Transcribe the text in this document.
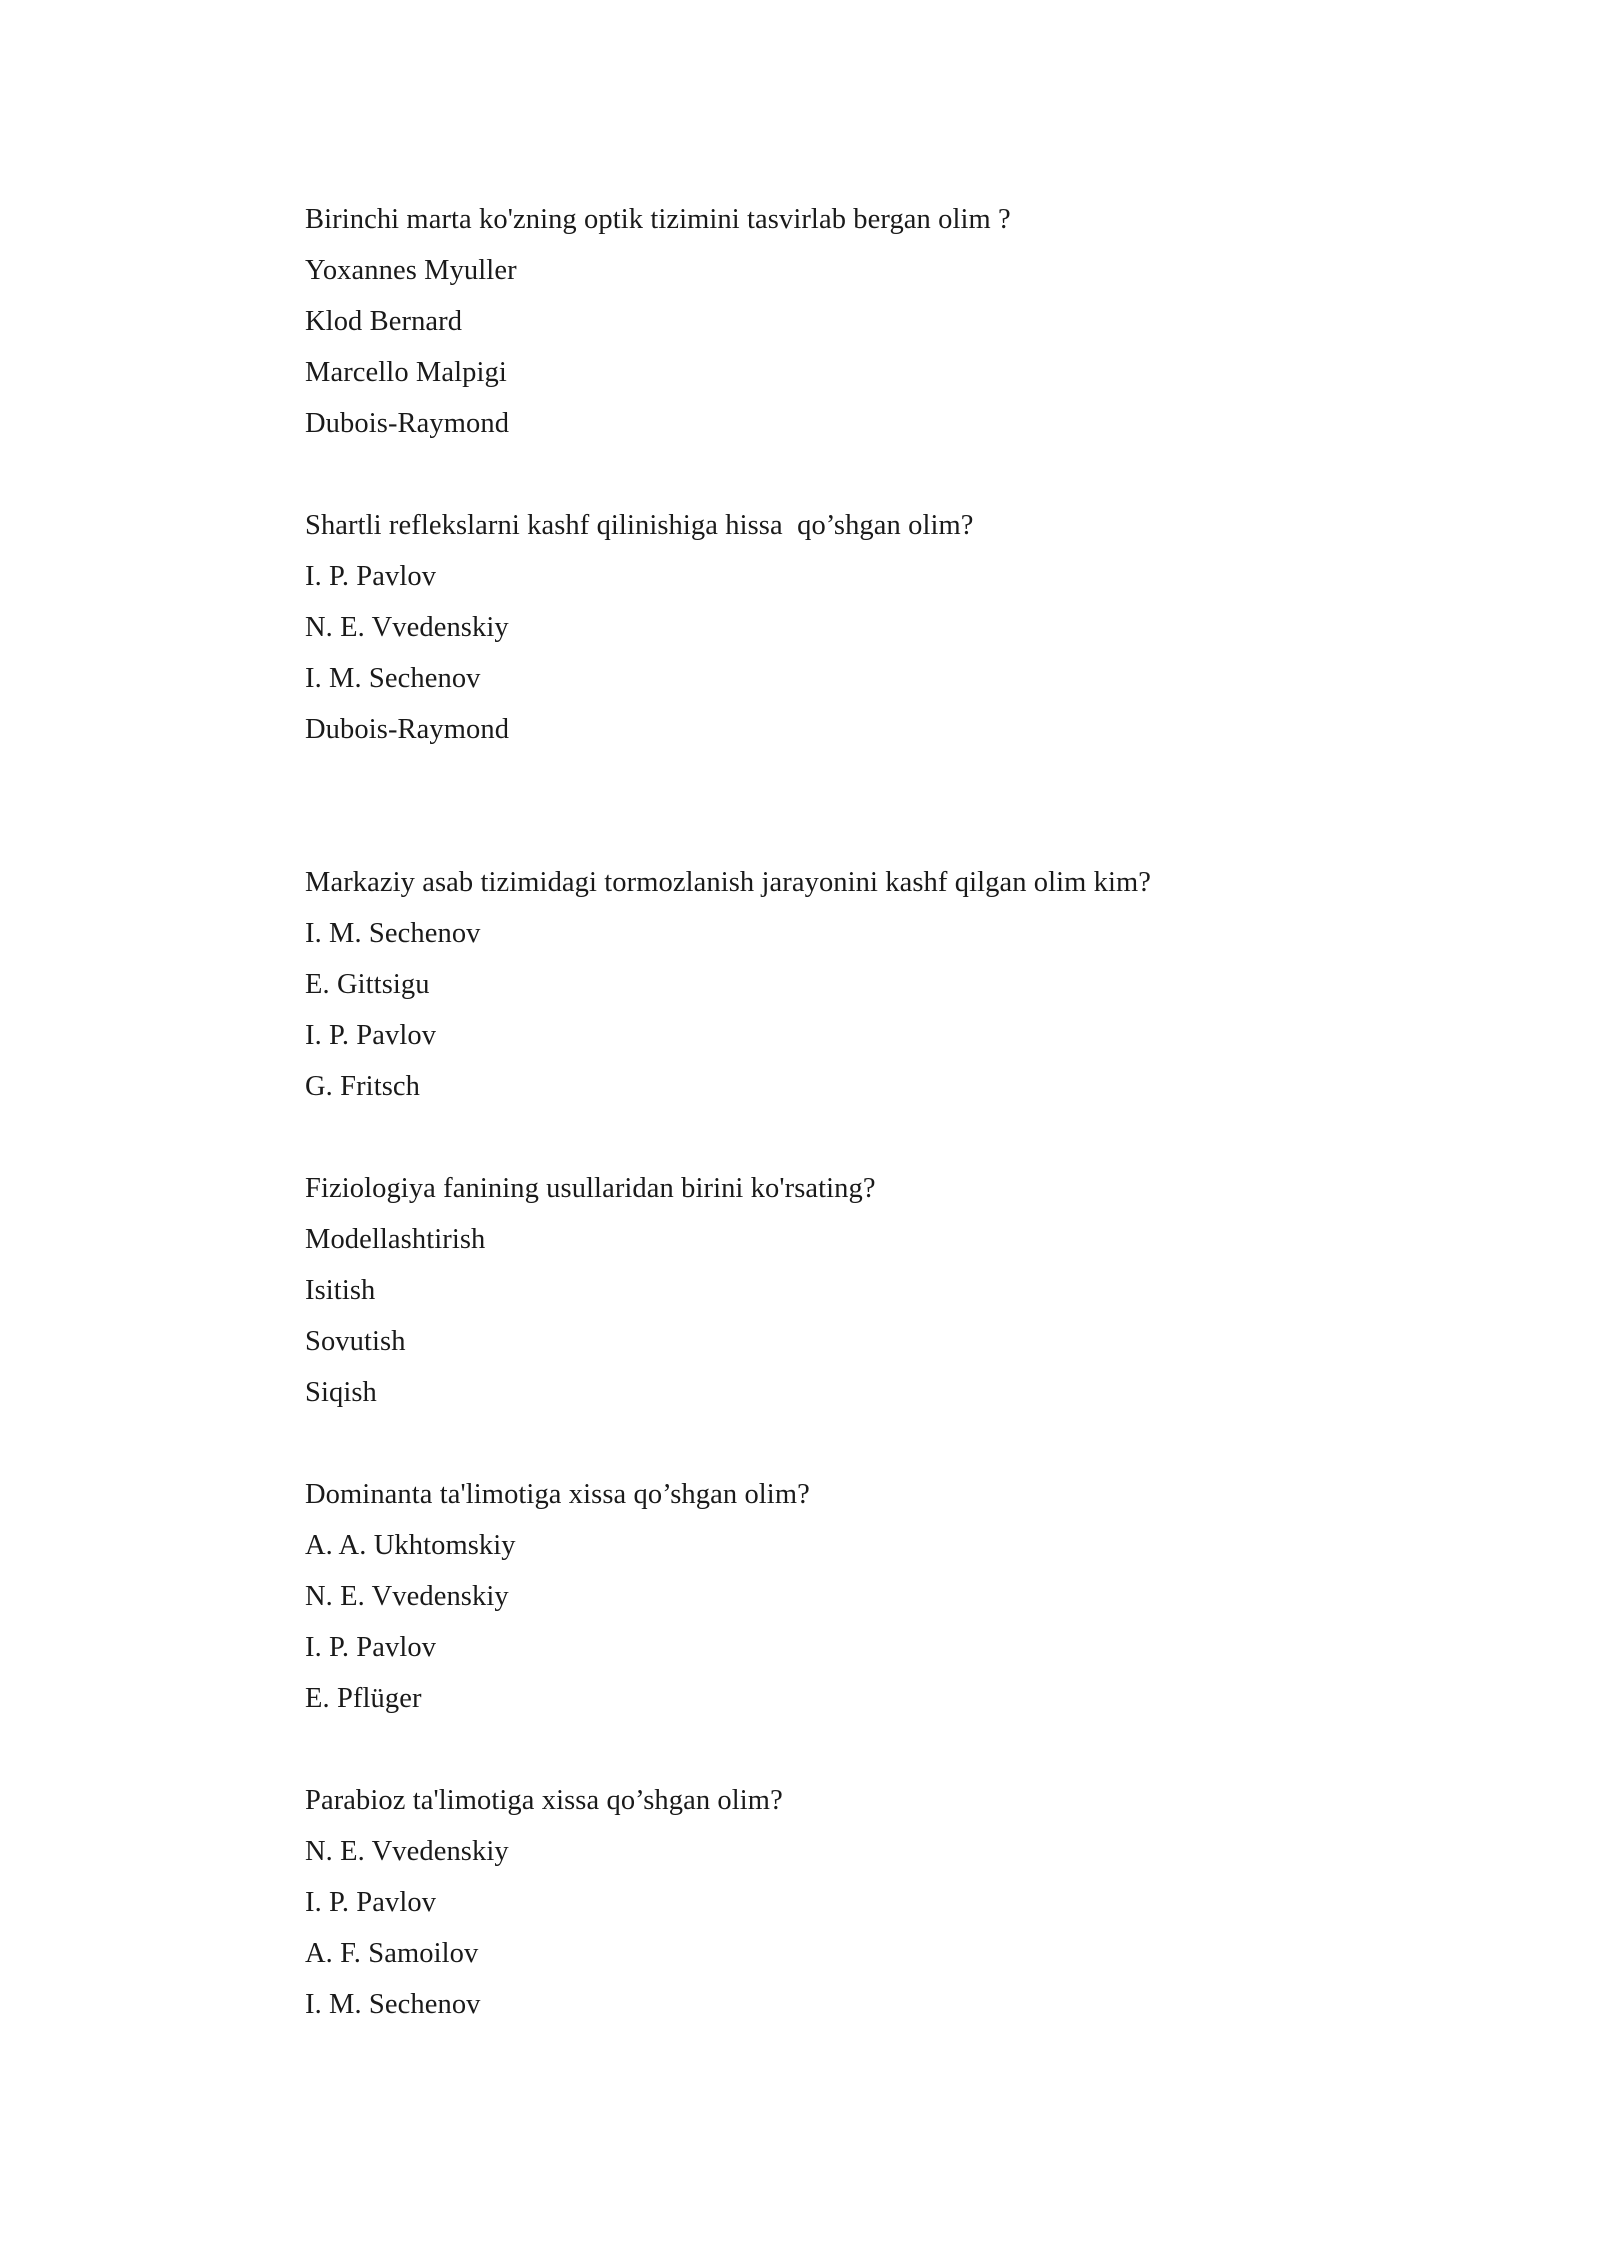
Birinchi marta ko'zning optik tizimini tasvirlab bergan olim ?
Yoxannes Myuller
Klod Bernard
Marcello Malpigi
Dubois-Raymond
Shartli reflekslarni kashf qilinishiga hissa  qo’shgan olim?
I. P. Pavlov
N. E. Vvedenskiy
I. M. Sechenov
Dubois-Raymond
Markaziy asab tizimidagi tormozlanish jarayonini kashf qilgan olim kim?
I. M. Sechenov
E. Gittsigu
I. P. Pavlov
G. Fritsch
Fiziologiya fanining usullaridan birini ko'rsating?
Modellashtirish
Isitish
Sovutish
Siqish
Dominanta ta'limotiga xissa qo’shgan olim?
A. A. Ukhtomskiy
N. E. Vvedenskiy
I. P. Pavlov
E. Pflüger
Parabioz ta'limotiga xissa qo’shgan olim?
N. E. Vvedenskiy
I. P. Pavlov
A. F. Samoilov
I. M. Sechenov
